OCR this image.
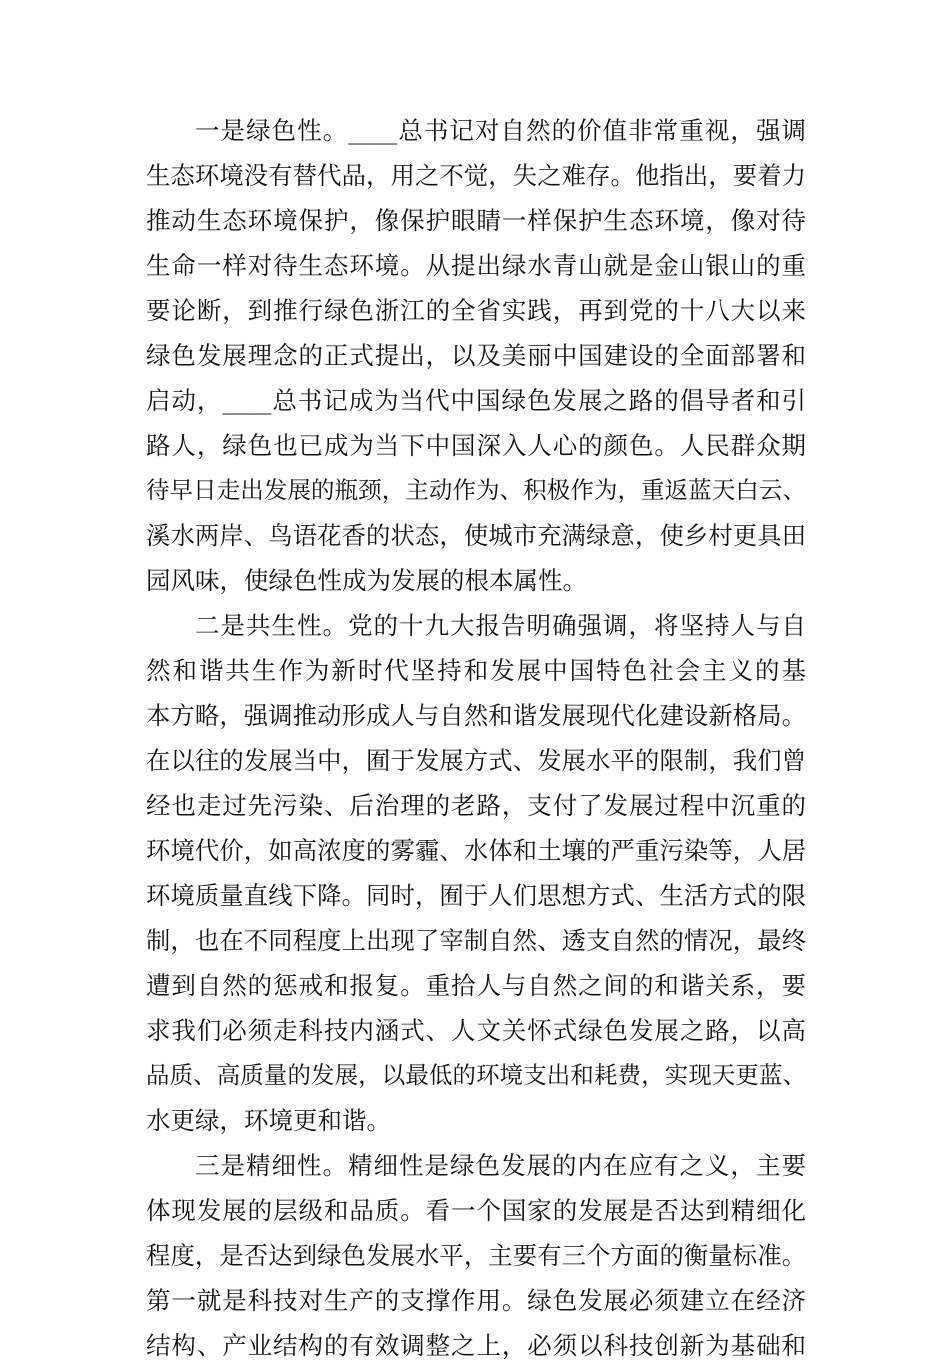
一是绿色性。____总书记对自然的价值非常重视，强调
生态环境没有替代品，用之不觉，失之难存。他指出，要着力
推动生态环境保护，像保护眼睛一样保护生态环境，像对待
生命一样对待生态环境。从提出绿水青山就是金山银山的重
要论断，到推行绿色浙江的全省实践，再到党的十八大以来
绿色发展理念的正式提出，以及美丽中国建设的全面部署和
启动，____总书记成为当代中国绿色发展之路的倡导者和引
路人，绿色也已成为当下中国深入人心的颜色。人民群众期
待早日走出发展的瓶颈，主动作为、积极作为，重返蓝天白云、
溪水两岸、鸟语花香的状态，使城市充满绿意，使乡村更具田
园风味，使绿色性成为发展的根本属性。
二是共生性。党的十九大报告明确强调，将坚持人与自
然和谐共生作为新时代坚持和发展中国特色社会主义的基
本方略，强调推动形成人与自然和谐发展现代化建设新格局。
在以往的发展当中，囿于发展方式、发展水平的限制，我们曾
经也走过先污染、后治理的老路，支付了发展过程中沉重的
环境代价，如高浓度的雾霾、水体和土壤的严重污染等，人居
环境质量直线下降。同时，囿于人们思想方式、生活方式的限
制，也在不同程度上出现了宰制自然、透支自然的情况，最终
遭到自然的惩戒和报复。重拾人与自然之间的和谐关系，要
求我们必须走科技内涵式、人文关怀式绿色发展之路，以高
品质、高质量的发展，以最低的环境支出和耗费，实现天更蓝、
水更绿，环境更和谐。
三是精细性。精细性是绿色发展的内在应有之义，主要
体现发展的层级和品质。看一个国家的发展是否达到精细化
程度，是否达到绿色发展水平，主要有三个方面的衡量标准。
第一就是科技对生产的支撑作用。绿色发展必须建立在经济
结构、产业结构的有效调整之上，必须以科技创新为基础和
